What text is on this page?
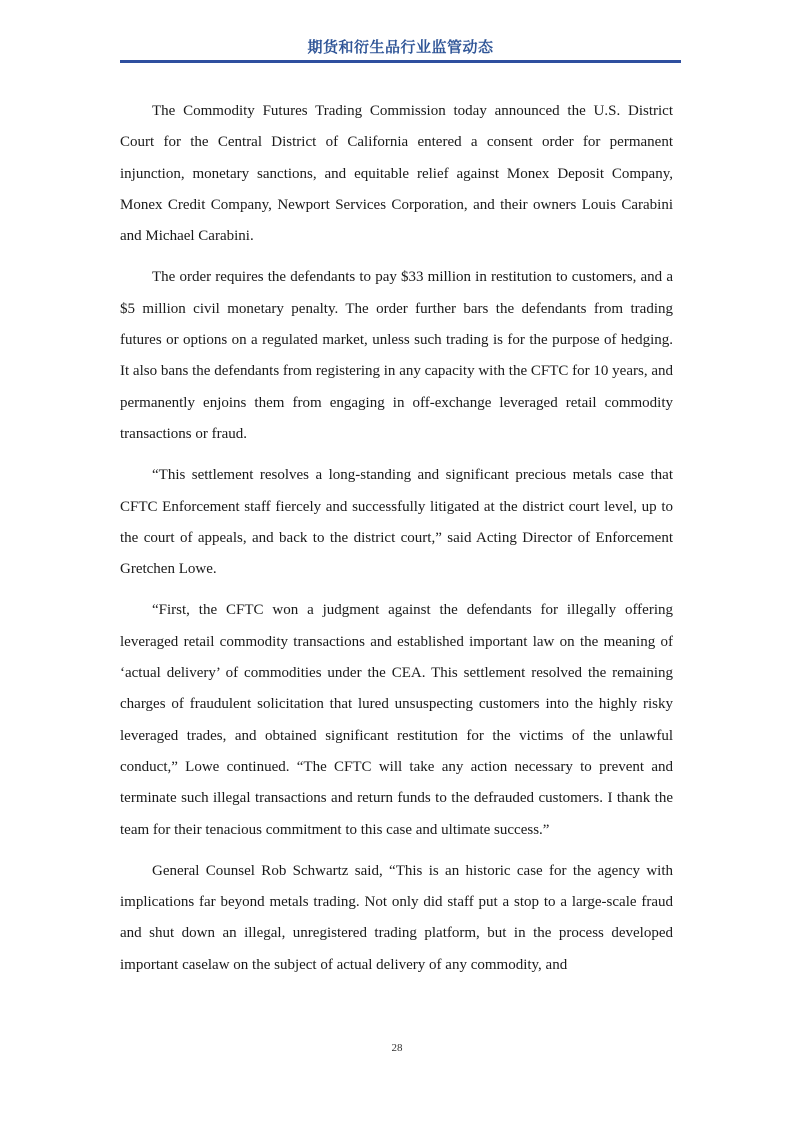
期货和衍生品行业监管动态

The Commodity Futures Trading Commission today announced the U.S. District Court for the Central District of California entered a consent order for permanent injunction, monetary sanctions, and equitable relief against Monex Deposit Company, Monex Credit Company, Newport Services Corporation, and their owners Louis Carabini and Michael Carabini.

The order requires the defendants to pay $33 million in restitution to customers, and a $5 million civil monetary penalty. The order further bars the defendants from trading futures or options on a regulated market, unless such trading is for the purpose of hedging. It also bans the defendants from registering in any capacity with the CFTC for 10 years, and permanently enjoins them from engaging in off-exchange leveraged retail commodity transactions or fraud.

“This settlement resolves a long-standing and significant precious metals case that CFTC Enforcement staff fiercely and successfully litigated at the district court level, up to the court of appeals, and back to the district court,” said Acting Director of Enforcement Gretchen Lowe.

“First, the CFTC won a judgment against the defendants for illegally offering leveraged retail commodity transactions and established important law on the meaning of ‘actual delivery’ of commodities under the CEA. This settlement resolved the remaining charges of fraudulent solicitation that lured unsuspecting customers into the highly risky leveraged trades, and obtained significant restitution for the victims of the unlawful conduct,” Lowe continued. “The CFTC will take any action necessary to prevent and terminate such illegal transactions and return funds to the defrauded customers. I thank the team for their tenacious commitment to this case and ultimate success.”

General Counsel Rob Schwartz said, “This is an historic case for the agency with implications far beyond metals trading. Not only did staff put a stop to a large-scale fraud and shut down an illegal, unregistered trading platform, but in the process developed important caselaw on the subject of actual delivery of any commodity, and

28
